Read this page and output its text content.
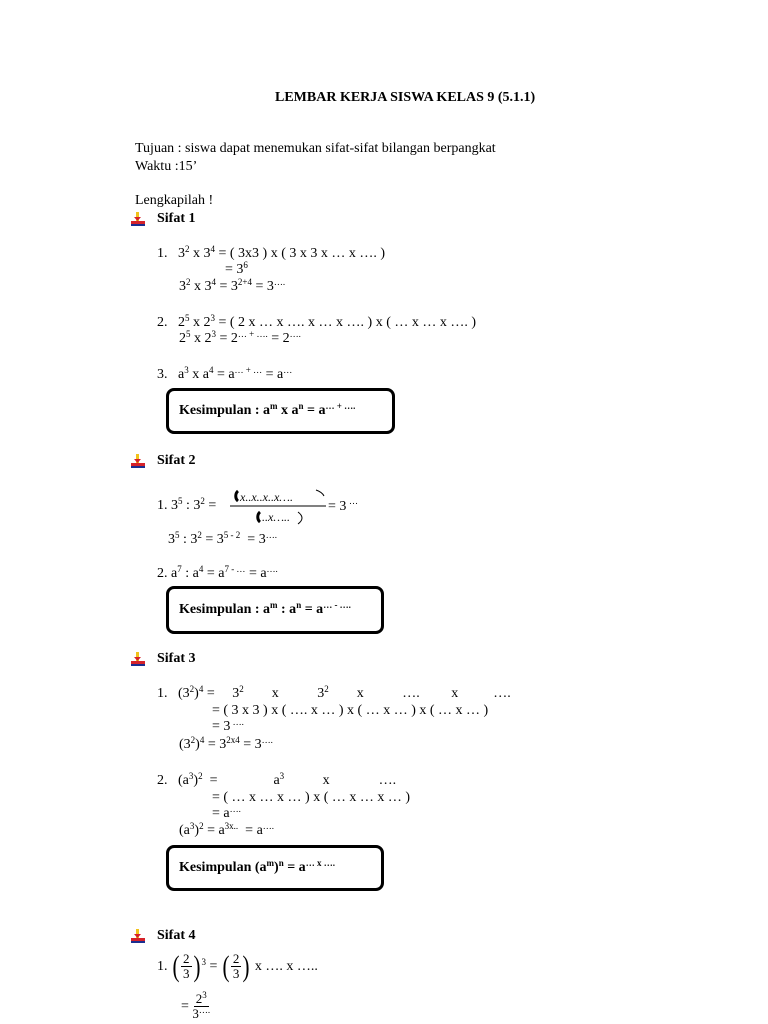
LEMBAR KERJA SISWA KELAS 9 (5.1.1)
Tujuan : siswa dapat menemukan sifat-sifat bilangan berpangkat
Waktu :15’
Lengkapilah !
Sifat 1
1.   $3^2$ x $3^4$ = ( 3x3 ) x ( 3 x 3 x … x …. )
= $3^6$
$3^2$ x $3^4 = 3^{2+4} = 3^{\dots.}$
2.   $2^5$ x $2^3$ = ( 2 x … x …. x … x …. ) x ( … x … x …. )
$2^5$ x $2^3 = 2^{\dots + \dots.} = 2^{\dots.}$
3.   $a^3$ x $a^4 = a^{\dots + \dots} = a^\dots$
Kesimpulan : $a^m$ x $a^n = a^{\dots + \dots.}$
Sifat 2
1. $3^5$ : $3^2$ =
x..x..x..x….
..x…..
= 3 …
$3^5$ : $3^2 = 3^{5 - 2} = 3^{\dots.}$
2. $a^7$ : $a^4 = a^{7 - \dots} = a^{\dots.}$
Kesimpulan : $a^m$ : $a^n = a^{\dots - \dots.}$
Sifat 3
1.   $(3^2)^4$ =     $3^2$        x           $3^2$        x           ….         x          ….
= ( 3 x 3 ) x ( …. x … ) x ( … x … ) x ( … x … )
= 3 ….
$(3^2)^4 = 3^{2x4} = 3^{\dots.}$
2.   $(a^3)^2$  =                $a^3$           x              ….
= ( … x … x … ) x ( … x … x … )
= a….
$(a^3)^2 = a^{3x..} = a^{\dots.}$
Kesimpulan $(a^m)^n = a^{\dots x \dots.}$
Sifat 4
1. ( $\frac{2}{3}$ ) $^3$ = ( $\frac{2}{3}$ ) x …. x …..
= $\frac{2^3}{3^{\dots.}}$
